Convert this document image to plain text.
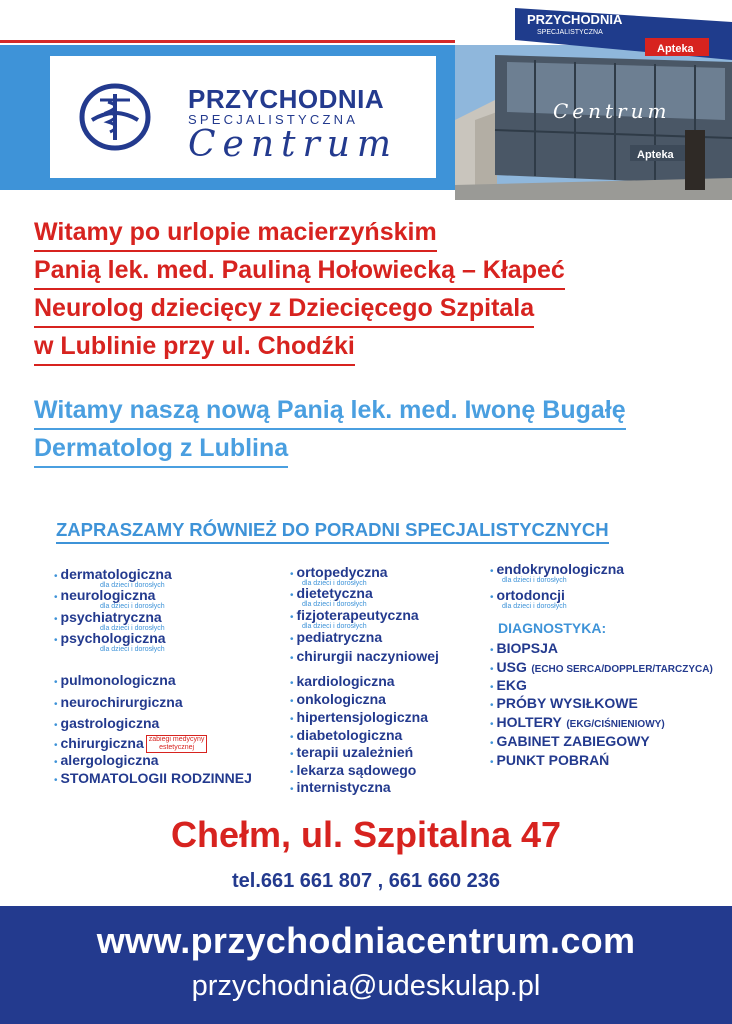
PRZYCHODNIA
SPECJALISTYCZNA
Centrum
PRZYCHODNIA
SPECJALISTYCZNA
Apteka
Centrum
Apteka
Witamy po urlopie macierzyńskim
Panią lek. med. Pauliną Hołowiecką – Kłapeć
Neurolog dziecięcy z Dziecięcego Szpitala
w Lublinie przy ul. Chodźki
Witamy naszą nową Panią lek. med. Iwonę Bugałę
Dermatolog z Lublina
ZAPRASZAMY RÓWNIEŻ DO PORADNI SPECJALISTYCZNYCH
• dermatologiczna
dla dzieci i dorosłych
• neurologiczna
dla dzieci i dorosłych
• psychiatryczna
dla dzieci i dorosłych
• psychologiczna
dla dzieci i dorosłych
• pulmonologiczna
• neurochirurgiczna
• gastrologiczna
• chirurgiczna zabiegi medycyny
estetycznej
• alergologiczna
• STOMATOLOGII RODZINNEJ
• ortopedyczna
dla dzieci i dorosłych
• dietetyczna
dla dzieci i dorosłych
• fizjoterapeutyczna
dla dzieci i dorosłych
• pediatryczna
• chirurgii naczyniowej
• kardiologiczna
• onkologiczna
• hipertensjologiczna
• diabetologiczna
• terapii uzależnień
• lekarza sądowego
• internistyczna
• endokrynologiczna
dla dzieci i dorosłych
• ortodoncji
dla dzieci i dorosłych
DIAGNOSTYKA:
• BIOPSJA
• USG (ECHO SERCA/DOPPLER/TARCZYCA)
• EKG
• PRÓBY WYSIŁKOWE
• HOLTERY (EKG/CIŚNIENIOWY)
• GABINET ZABIEGOWY
• PUNKT POBRAŃ
Chełm, ul. Szpitalna 47
tel.661 661 807 , 661 660 236
www.przychodniacentrum.com
przychodnia@udeskulap.pl
